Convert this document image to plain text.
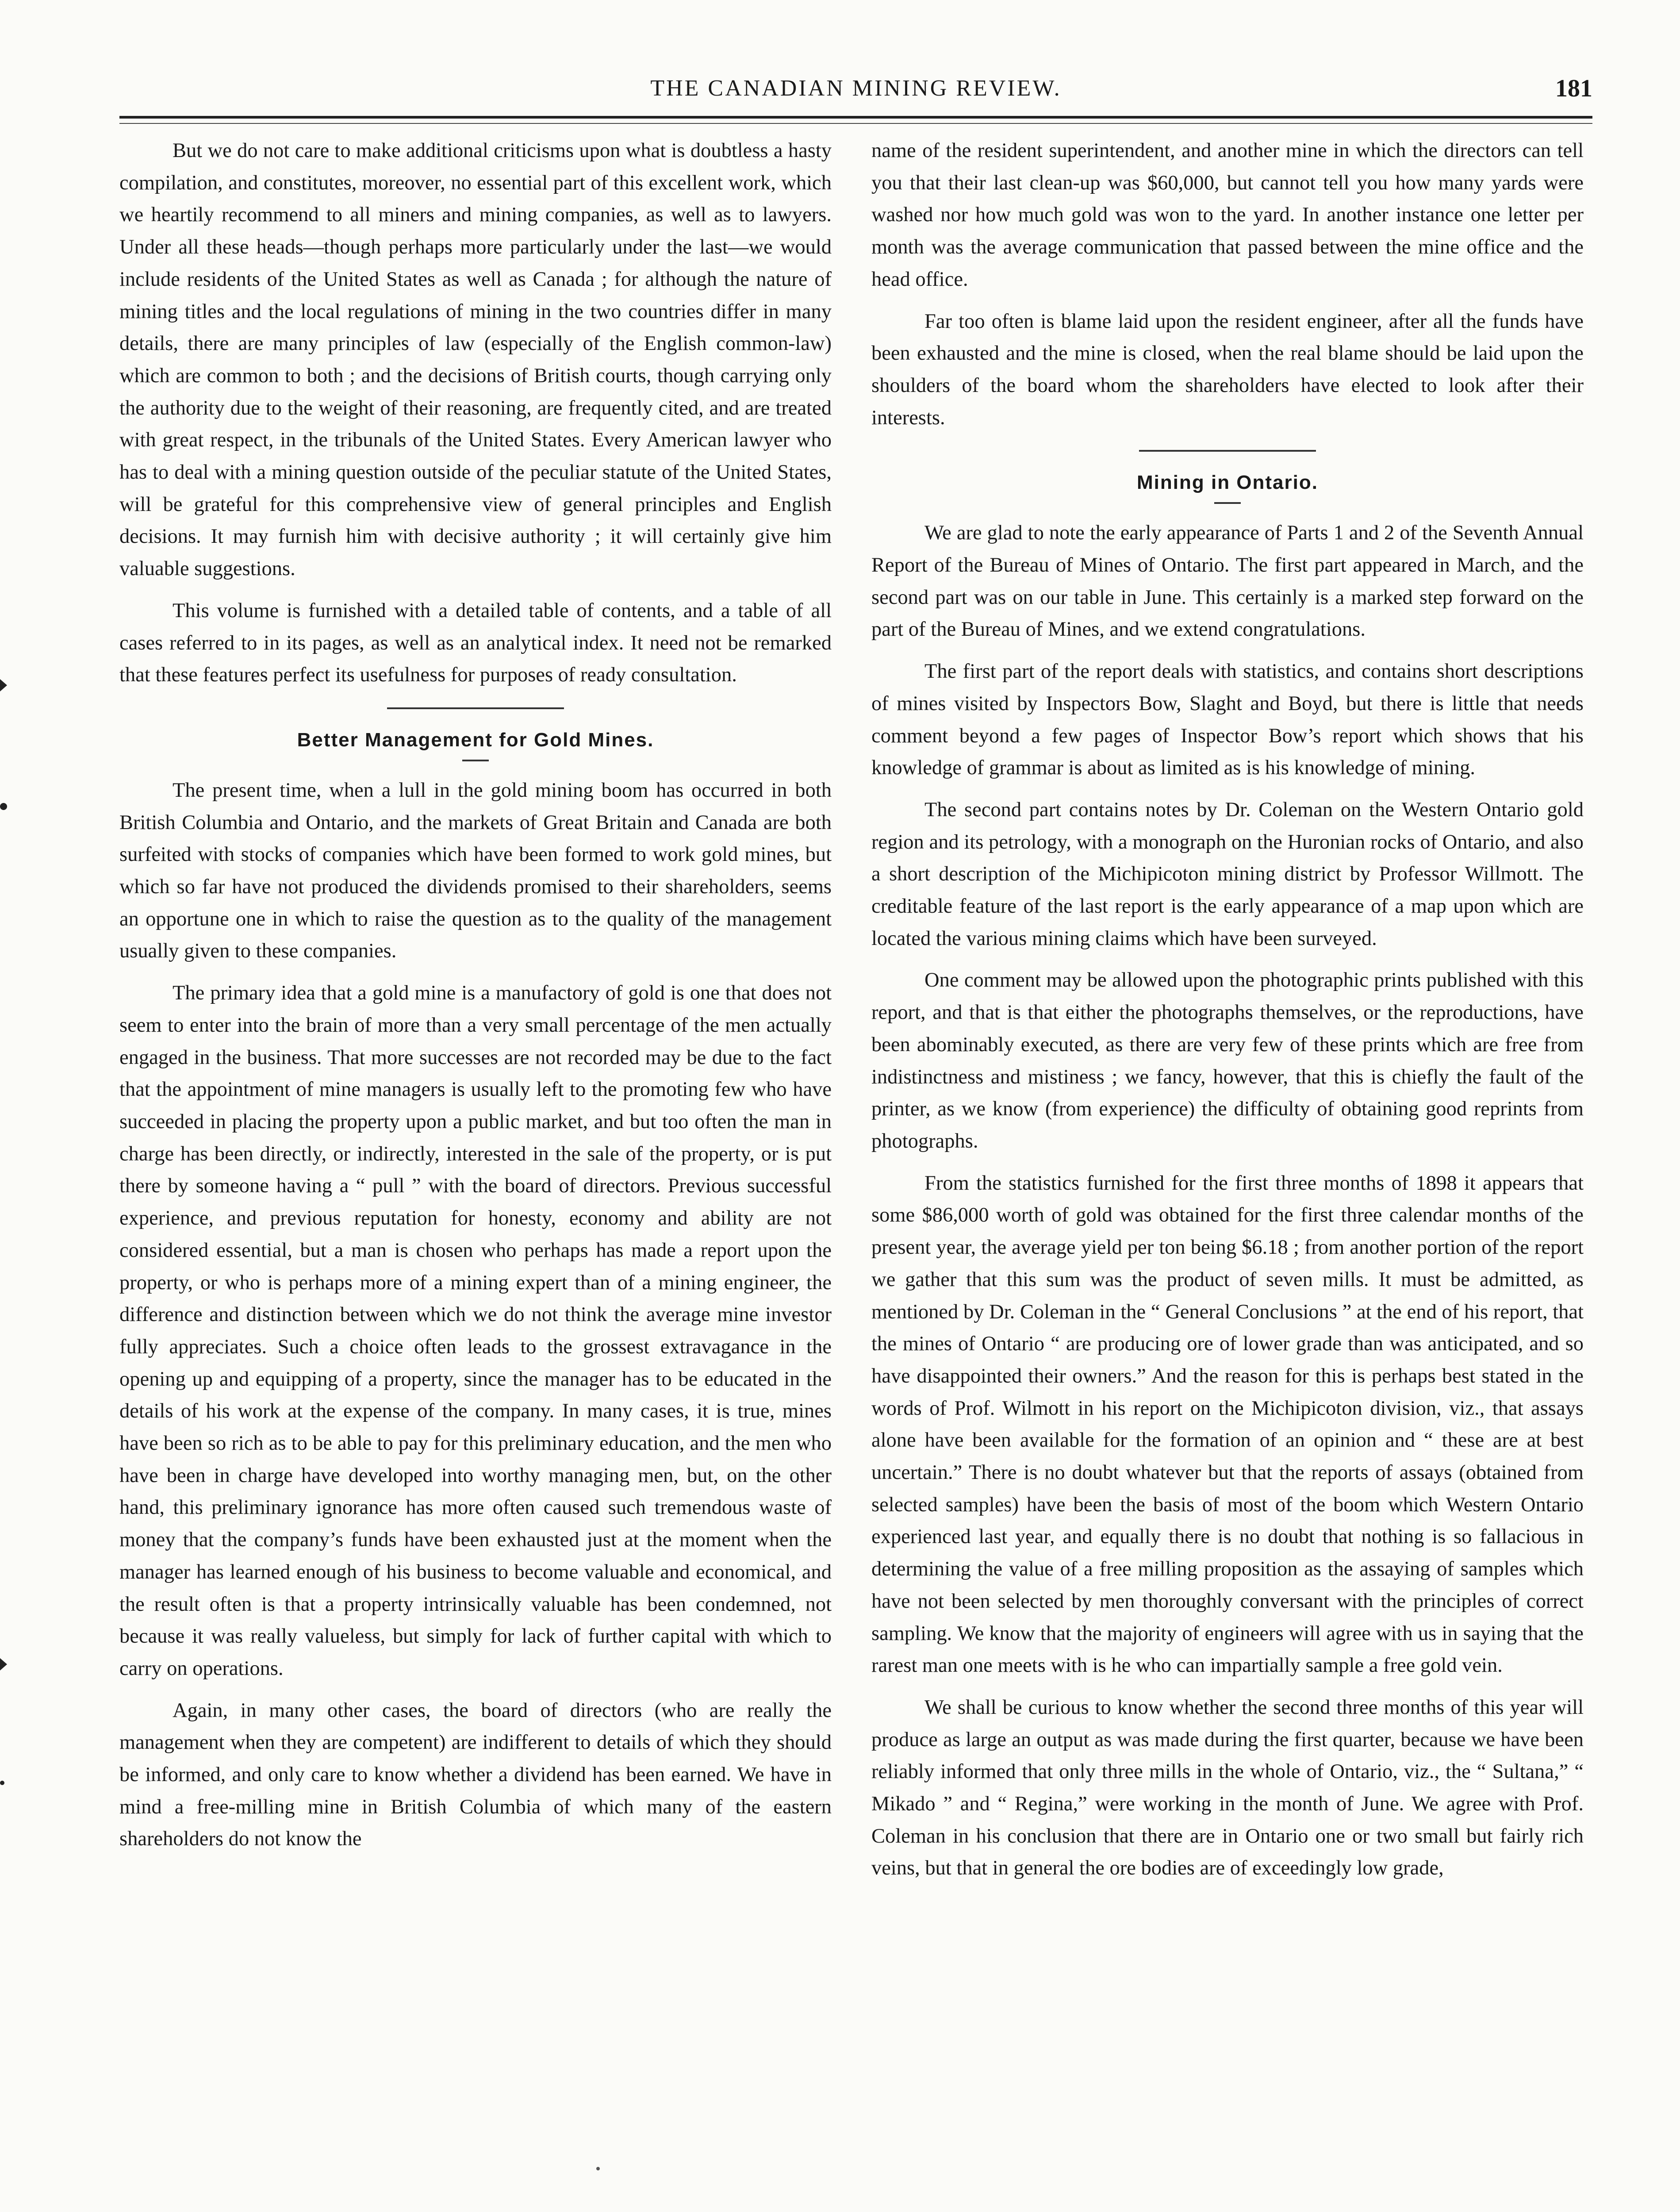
THE CANADIAN MINING REVIEW.	181

But we do not care to make additional criticisms upon what is doubtless a hasty compilation, and constitutes, moreover, no essential part of this excellent work, which we heartily recommend to all miners and mining companies, as well as to lawyers. Under all these heads—though perhaps more particularly under the last—we would include residents of the United States as well as Canada ; for although the nature of mining titles and the local regulations of mining in the two countries differ in many details, there are many principles of law (especially of the English common-law) which are common to both ; and the decisions of British courts, though carrying only the authority due to the weight of their reasoning, are frequently cited, and are treated with great respect, in the tribunals of the United States. Every American lawyer who has to deal with a mining question outside of the peculiar statute of the United States, will be grateful for this comprehensive view of general principles and English decisions. It may furnish him with decisive authority ; it will certainly give him valuable suggestions.

This volume is furnished with a detailed table of contents, and a table of all cases referred to in its pages, as well as an analytical index. It need not be remarked that these features perfect its usefulness for purposes of ready consultation.

Better Management for Gold Mines.

The present time, when a lull in the gold mining boom has occurred in both British Columbia and Ontario, and the markets of Great Britain and Canada are both surfeited with stocks of companies which have been formed to work gold mines, but which so far have not produced the dividends promised to their shareholders, seems an opportune one in which to raise the question as to the quality of the management usually given to these companies.

The primary idea that a gold mine is a manufactory of gold is one that does not seem to enter into the brain of more than a very small percentage of the men actually engaged in the business. That more successes are not recorded may be due to the fact that the appointment of mine managers is usually left to the promoting few who have succeeded in placing the property upon a public market, and but too often the man in charge has been directly, or indirectly, interested in the sale of the property, or is put there by someone having a “ pull ” with the board of directors. Previous successful experience, and previous reputation for honesty, economy and ability are not considered essential, but a man is chosen who perhaps has made a report upon the property, or who is perhaps more of a mining expert than of a mining engineer, the difference and distinction between which we do not think the average mine investor fully appreciates. Such a choice often leads to the grossest extravagance in the opening up and equipping of a property, since the manager has to be educated in the details of his work at the expense of the company. In many cases, it is true, mines have been so rich as to be able to pay for this preliminary education, and the men who have been in charge have developed into worthy managing men, but, on the other hand, this preliminary ignorance has more often caused such tremendous waste of money that the company’s funds have been exhausted just at the moment when the manager has learned enough of his business to become valuable and economical, and the result often is that a property intrinsically valuable has been condemned, not because it was really valueless, but simply for lack of further capital with which to carry on operations.

Again, in many other cases, the board of directors (who are really the management when they are competent) are indifferent to details of which they should be informed, and only care to know whether a dividend has been earned. We have in mind a free-milling mine in British Columbia of which many of the eastern shareholders do not know the

name of the resident superintendent, and another mine in which the directors can tell you that their last clean-up was $60,000, but cannot tell you how many yards were washed nor how much gold was won to the yard. In another instance one letter per month was the average communication that passed between the mine office and the head office.

Far too often is blame laid upon the resident engineer, after all the funds have been exhausted and the mine is closed, when the real blame should be laid upon the shoulders of the board whom the shareholders have elected to look after their interests.

Mining in Ontario.

We are glad to note the early appearance of Parts 1 and 2 of the Seventh Annual Report of the Bureau of Mines of Ontario. The first part appeared in March, and the second part was on our table in June. This certainly is a marked step forward on the part of the Bureau of Mines, and we extend congratulations.

The first part of the report deals with statistics, and contains short descriptions of mines visited by Inspectors Bow, Slaght and Boyd, but there is little that needs comment beyond a few pages of Inspector Bow’s report which shows that his knowledge of grammar is about as limited as is his knowledge of mining.

The second part contains notes by Dr. Coleman on the Western Ontario gold region and its petrology, with a monograph on the Huronian rocks of Ontario, and also a short description of the Michipicoton mining district by Professor Willmott. The creditable feature of the last report is the early appearance of a map upon which are located the various mining claims which have been surveyed.

One comment may be allowed upon the photographic prints published with this report, and that is that either the photographs themselves, or the reproductions, have been abominably executed, as there are very few of these prints which are free from indistinctness and mistiness ; we fancy, however, that this is chiefly the fault of the printer, as we know (from experience) the difficulty of obtaining good reprints from photographs.

From the statistics furnished for the first three months of 1898 it appears that some $86,000 worth of gold was obtained for the first three calendar months of the present year, the average yield per ton being $6.18 ; from another portion of the report we gather that this sum was the product of seven mills. It must be admitted, as mentioned by Dr. Coleman in the “ General Conclusions ” at the end of his report, that the mines of Ontario “ are producing ore of lower grade than was anticipated, and so have disappointed their owners.” And the reason for this is perhaps best stated in the words of Prof. Wilmott in his report on the Michipicoton division, viz., that assays alone have been available for the formation of an opinion and “ these are at best uncertain.” There is no doubt whatever but that the reports of assays (obtained from selected samples) have been the basis of most of the boom which Western Ontario experienced last year, and equally there is no doubt that nothing is so fallacious in determining the value of a free milling proposition as the assaying of samples which have not been selected by men thoroughly conversant with the principles of correct sampling. We know that the majority of engineers will agree with us in saying that the rarest man one meets with is he who can impartially sample a free gold vein.

We shall be curious to know whether the second three months of this year will produce as large an output as was made during the first quarter, because we have been reliably informed that only three mills in the whole of Ontario, viz., the “ Sultana,” “ Mikado ” and “ Regina,” were working in the month of June. We agree with Prof. Coleman in his conclusion that there are in Ontario one or two small but fairly rich veins, but that in general the ore bodies are of exceedingly low grade,
